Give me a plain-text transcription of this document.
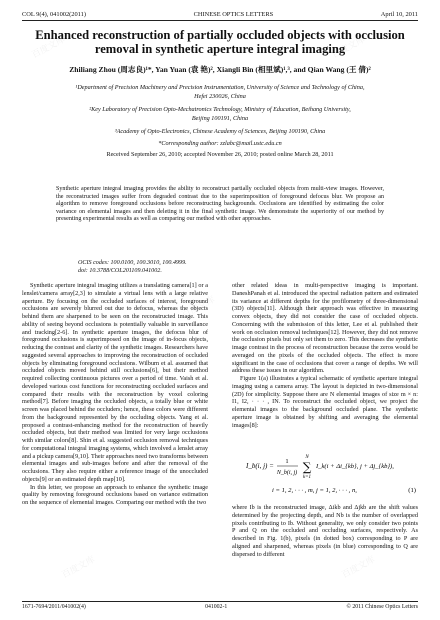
COL 9(4), 041002(2011)	CHINESE OPTICS LETTERS	April 10, 2011
Enhanced reconstruction of partially occluded objects with occlusion removal in synthetic aperture integral imaging
Zhiliang Zhou (周志良)¹*, Yan Yuan (袁 艳)², Xiangli Bin (相里斌)¹,³, and Qian Wang (王 倩)²
¹Department of Precision Machinery and Precision Instrumentation, University of Science and Technology of China,
Hefei 230026, China
²Key Laboratory of Precision Opto-Mechatronics Technology, Ministry of Education, Beihang University,
Beijing 100191, China
³Academy of Opto-Electronics, Chinese Academy of Sciences, Beijing 100190, China
*Corresponding author: zzlabc@mail.ustc.edu.cn
Received September 26, 2010; accepted November 26, 2010; posted online March 28, 2011
Synthetic aperture integral imaging provides the ability to reconstruct partially occluded objects from multi-view images. However, the reconstructed images suffer from degraded contrast due to the superimposition of foreground defocus blur. We propose an algorithm to remove foreground occlusions before reconstructing backgrounds. Occlusions are identified by estimating the color variance on elemental images and then deleting it in the final synthetic image. We demonstrate the superiority of our method by presenting experimental results as well as comparing our method with other approaches.
OCIS codes: 100.0100, 100.3010, 100.4999.
doi: 10.3788/COL201109.041002.

Synthetic aperture integral imaging utilizes a translating camera[1] or a lenslet/camera array[2,3] to simulate a virtual lens with a large relative aperture. By focusing on the occluded surfaces of interest, foreground occlusions are severely blurred out due to defocus, whereas the objects behind them are sharpened to be seen on the reconstructed image. This ability of seeing beyond occlusions is potentially valuable in surveillance and tracking[2-6]. In synthetic aperture images, the defocus blur of foreground occlusions is superimposed on the image of in-focus objects, reducing the contrast and clarity of the synthetic images. Researchers have suggested several approaches to improving the reconstruction of occluded objects by eliminating foreground occlusions. Wilburn et al. assumed that occluded objects moved behind still occlusions[6], but their method required collecting continuous pictures over a period of time. Vaish et al. developed various cost functions for reconstructing occluded surfaces and compared their results with the reconstruction by voxel coloring method[7]. Before imaging the occluded objects, a totally blue or white screen was placed behind the occluders; hence, these colors were different from the background represented by the occluding objects. Yang et al. proposed a contrast-enhancing method for the reconstruction of heavily occluded objects, but their method was limited for very large occlusions with similar colors[8]. Shin et al. suggested occlusion removal techniques for computational integral imaging systems, which involved a lenslet array and a pickup camera[9,10]. Their approaches need two transforms between elemental images and sub-images before and after the removal of the occlusions. They also require either a reference image of the unoccluded objects[9] or an estimated depth map[10].

In this letter, we propose an approach to enhance the synthetic image quality by removing foreground occlusions based on variance estimation on the sequence of elemental images. Comparing our method with the two

other related ideas in multi-perspective imaging is important. DaneshPanah et al. introduced the spectral radiation pattern and estimated its variance at different depths for the profilometry of three-dimensional (3D) objects[11]. Although their approach was effective in measuring convex objects, they did not consider the case of occluded objects. Concerning with the submission of this letter, Lee et al. published their work on occlusion removal techniques[12]. However, they did not remove the occlusion pixels but only set them to zero. This decreases the synthetic image contrast in the process of reconstruction because the zeros would be averaged on the pixels of the occluded objects. The effect is more significant in the case of occlusions that cover a range of depths. We will address these issues in our algorithm.

Figure 1(a) illustrates a typical schematic of synthetic aperture integral imaging using a camera array. The layout is depicted in two-dimensional (2D) for simplicity. Suppose there are N elemental images of size m × n: I1, I2, · · · , IN. To reconstruct the occluded object, we project the elemental images to the background occluded plane. The synthetic aperture image is obtained by shifting and averaging the elemental images[8]:

I_b(i, j) =
1
N_b(i, j)
N
∑
k=1
I_k(i + Δi_{kb}, j + Δj_{kb}),
i = 1, 2, · · · , m, j = 1, 2, · · · , n,	(1)

where Ib is the reconstructed image, Δikb and Δjkb are the shift values determined by the projecting depth, and Nb is the number of overlapped pixels contributing to Ib. Without generality, we only consider two points P and Q on the occluded and occluding surfaces, respectively. As described in Fig. 1(b), pixels (in dotted box) corresponding to P are aligned and sharpened, whereas pixels (in blue) corresponding to Q are dispersed to different

1671-7694/2011/041002(4)	041002-1	© 2011 Chinese Optics Letters
百度文库	百度文库
百度文库
百度文库	百度文库
